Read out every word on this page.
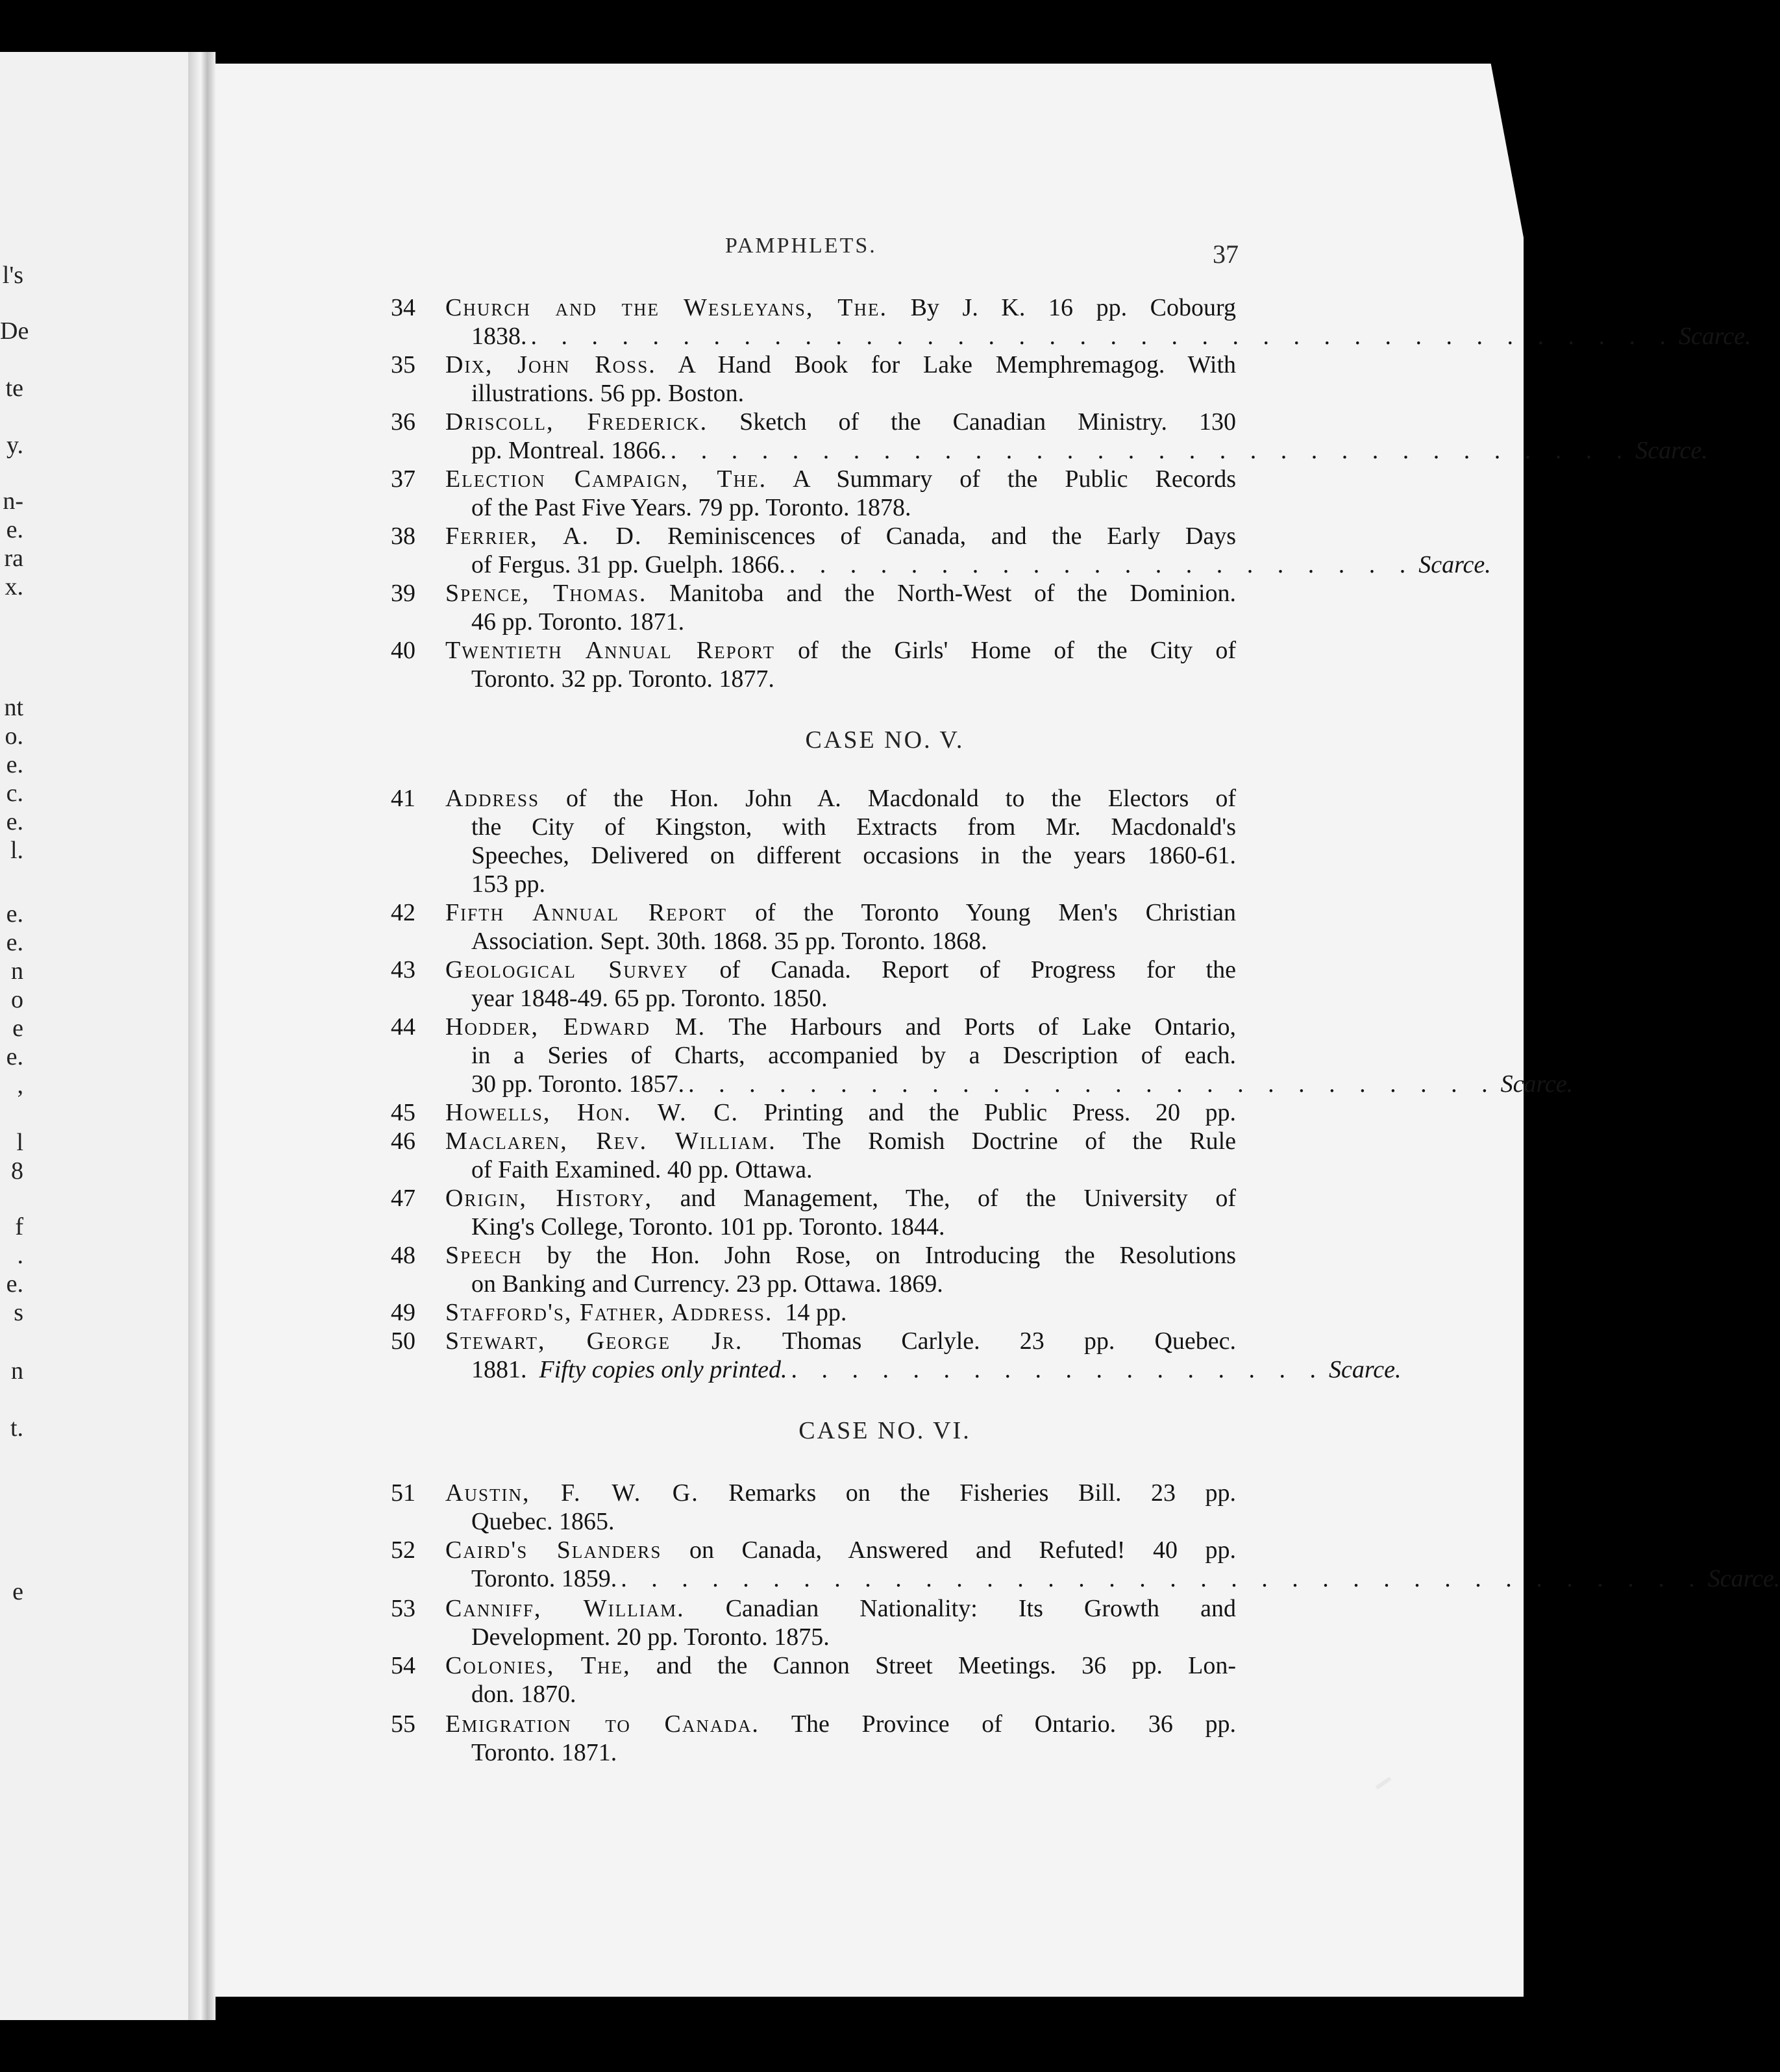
l's
De
te
y.
n-
e.
ra
x.
nt
o.
e.
c.
e.
l.
e.
e.
n
o
e
e.
,
l
8
f
.
e.
s
n
t.
e
PAMPHLETS.	37
34	Church and the Wesleyans, The. By J. K. 16 pp. Cobourg
1838. . . . . . . . . . . . . . . . . . . . . . . . . . . . . . . . . . . . . . . Scarce.
35	Dix, John Ross. A Hand Book for Lake Memphremagog. With
illustrations. 56 pp. Boston.
36	Driscoll, Frederick. Sketch of the Canadian Ministry. 130
pp. Montreal. 1866. . . . . . . . . . . . . . . . . . . . . . . . . . . . . . . . . Scarce.
37	Election Campaign, The. A Summary of the Public Records
of the Past Five Years. 79 pp. Toronto. 1878.
38	Ferrier, A. D. Reminiscences of Canada, and the Early Days
of Fergus. 31 pp. Guelph. 1866. . . . . . . . . . . . . . . . . . . . . . Scarce.
39	Spence, Thomas. Manitoba and the North-West of the Dominion.
46 pp. Toronto. 1871.
40	Twentieth Annual Report of the Girls' Home of the City of
Toronto. 32 pp. Toronto. 1877.
CASE NO. V.
41	Address of the Hon. John A. Macdonald to the Electors of
the City of Kingston, with Extracts from Mr. Macdonald's
Speeches, Delivered on different occasions in the years 1860-61.
153 pp.
42	Fifth Annual Report of the Toronto Young Men's Christian
Association. Sept. 30th. 1868. 35 pp. Toronto. 1868.
43	Geological Survey of Canada. Report of Progress for the
year 1848-49. 65 pp. Toronto. 1850.
44	Hodder, Edward M. The Harbours and Ports of Lake Ontario,
in a Series of Charts, accompanied by a Description of each.
30 pp. Toronto. 1857. . . . . . . . . . . . . . . . . . . . . . . . . . . . Scarce.
45	Howells, Hon. W. C. Printing and the Public Press. 20 pp.
46	Maclaren, Rev. William. The Romish Doctrine of the Rule
of Faith Examined. 40 pp. Ottawa.
47	Origin, History, and Management, The, of the University of
King's College, Toronto. 101 pp. Toronto. 1844.
48	Speech by the Hon. John Rose, on Introducing the Resolutions
on Banking and Currency. 23 pp. Ottawa. 1869.
49	Stafford's, Father, Address. 14 pp.
50	Stewart, George Jr. Thomas Carlyle. 23 pp. Quebec.
1881. Fifty copies only printed. . . . . . . . . . . . . . . . . . . Scarce.
CASE NO. VI.
51	Austin, F. W. G. Remarks on the Fisheries Bill. 23 pp.
Quebec. 1865.
52	Caird's Slanders on Canada, Answered and Refuted! 40 pp.
Toronto. 1859. . . . . . . . . . . . . . . . . . . . . . . . . . . . . . . . . . . . . Scarce.
53	Canniff, William. Canadian Nationality: Its Growth and
Development. 20 pp. Toronto. 1875.
54	Colonies, The, and the Cannon Street Meetings. 36 pp. Lon-
don. 1870.
55	Emigration to Canada. The Province of Ontario. 36 pp.
Toronto. 1871.
